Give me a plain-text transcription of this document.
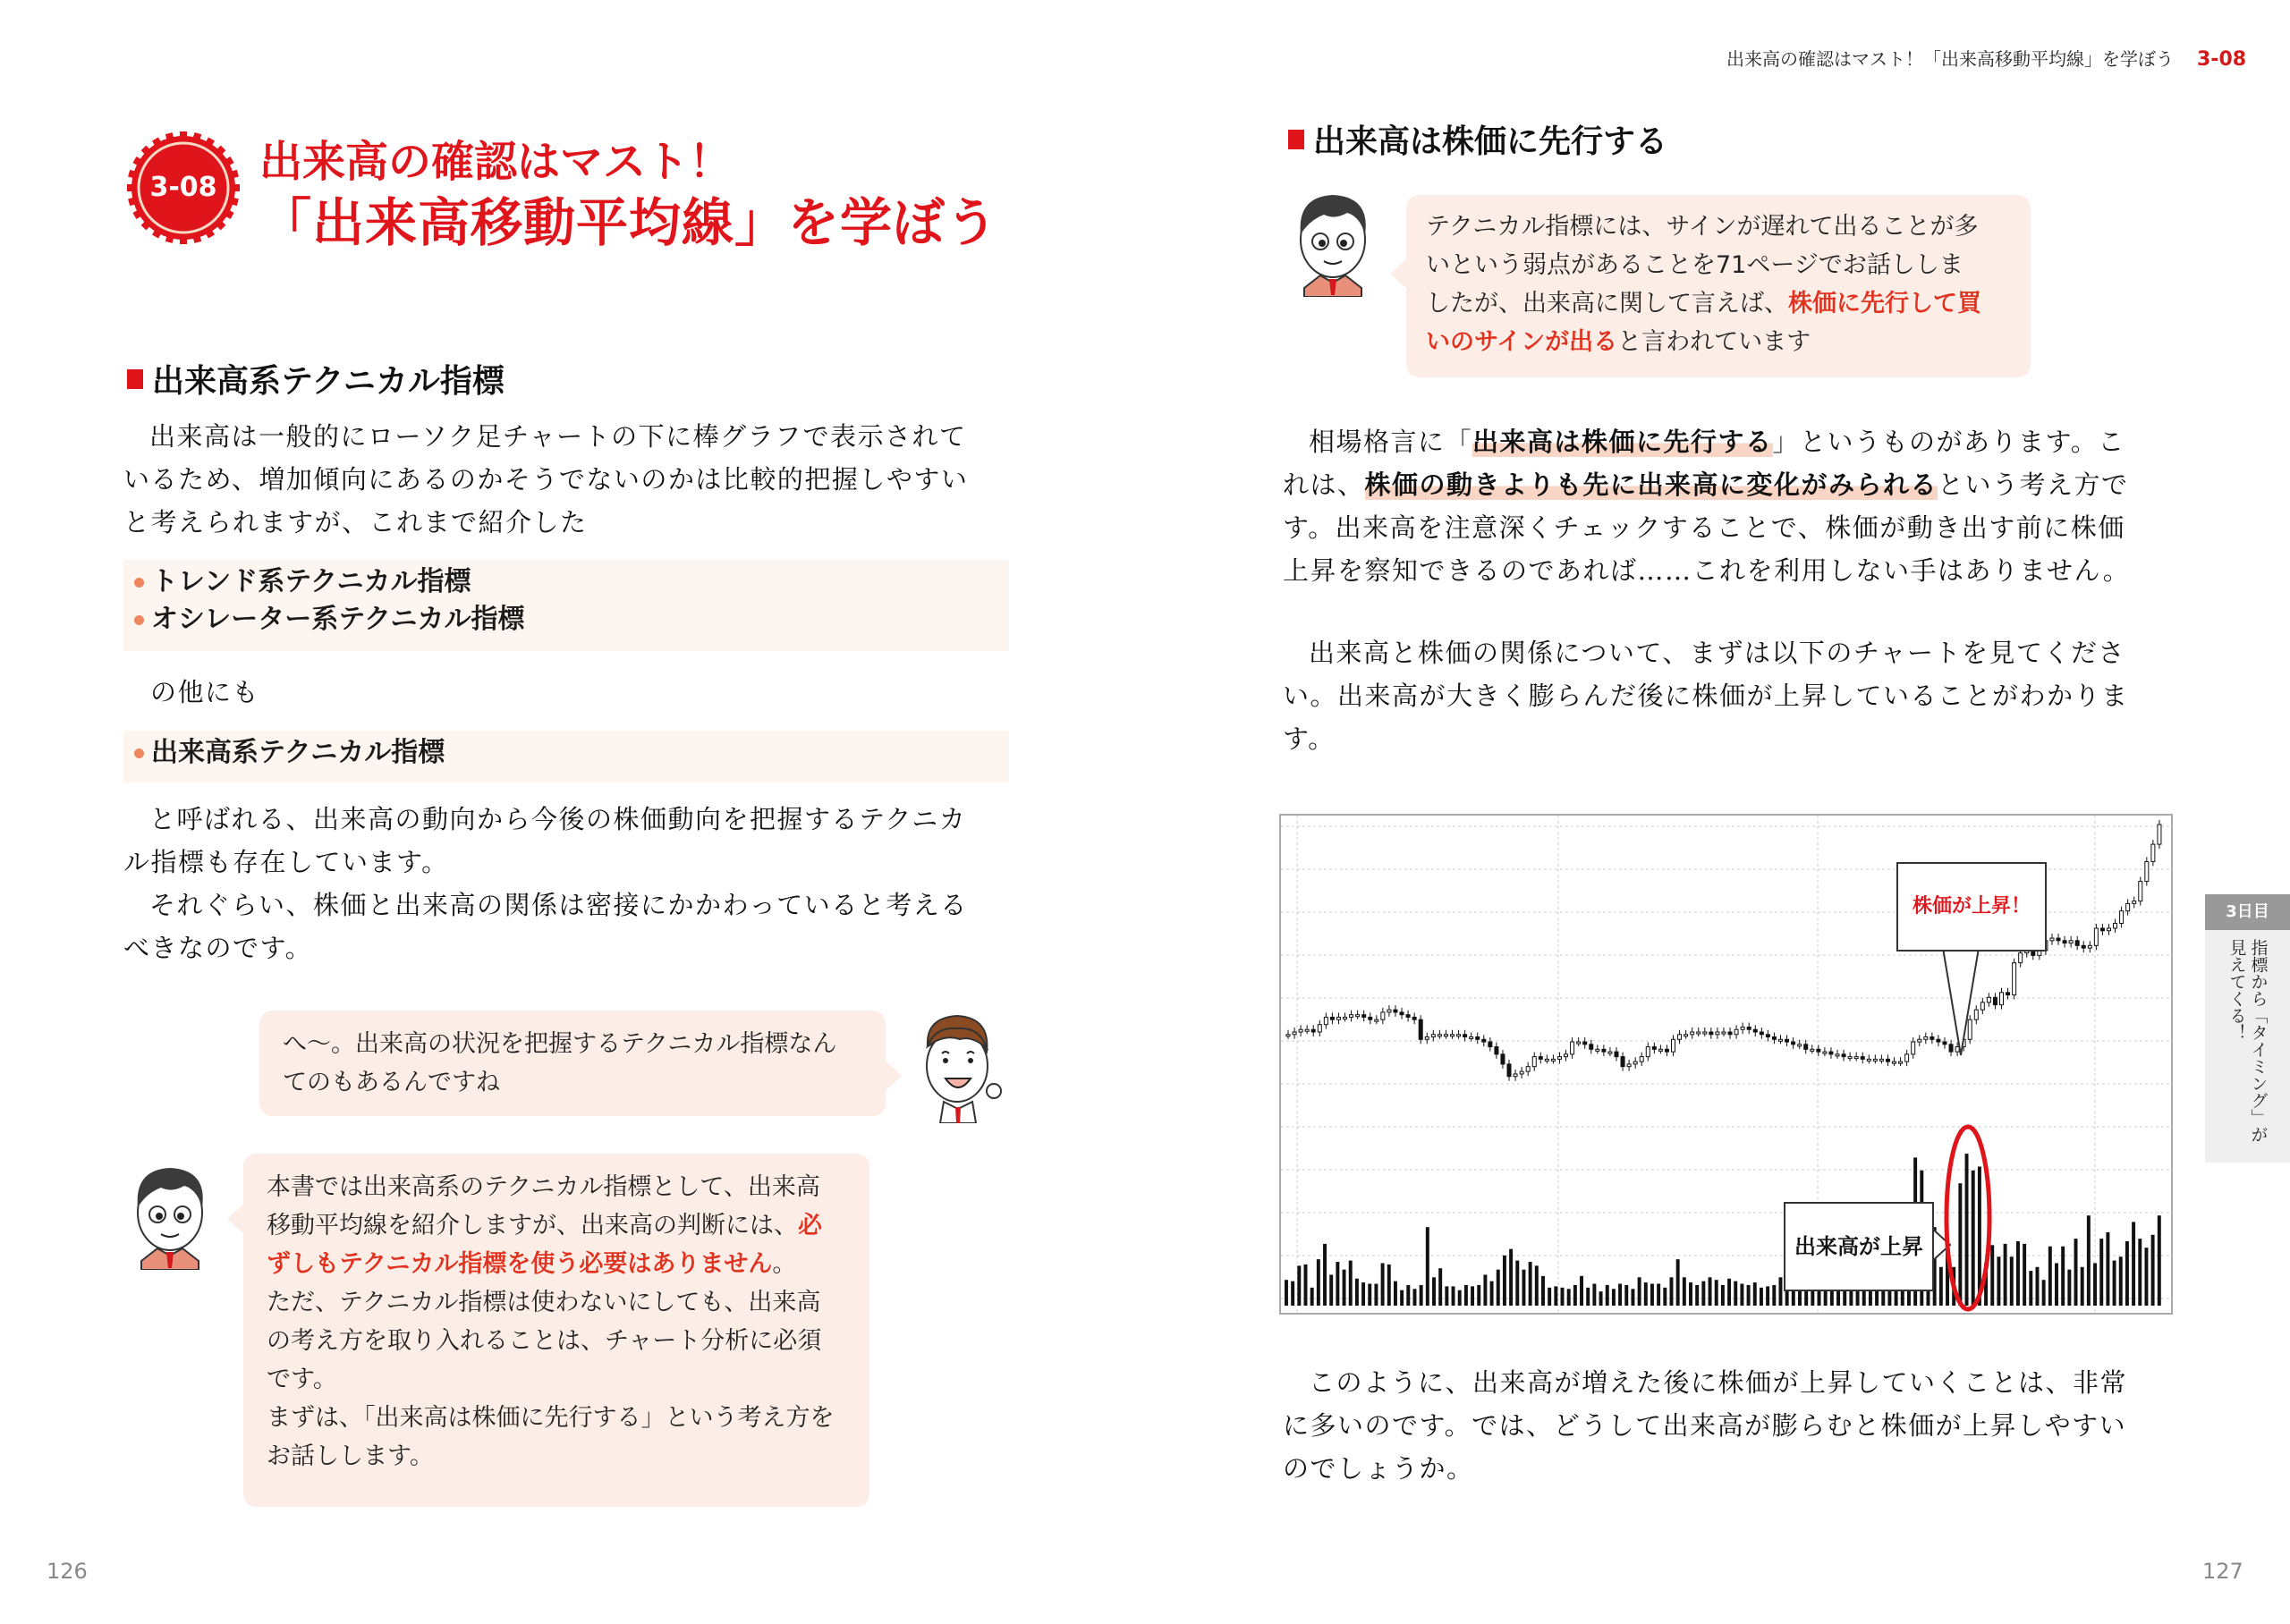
出来高の確認はマスト！「出来高移動平均線」を学ぼう 3-08
3-08
出来高の確認はマスト！
「出来高移動平均線」を学ぼう
出来高系テクニカル指標
出来高は一般的にローソク足チャートの下に棒グラフで表示されて
いるため、増加傾向にあるのかそうでないのかは比較的把握しやすい
と考えられますが、これまで紹介した
トレンド系テクニカル指標
オシレーター系テクニカル指標
の他にも
出来高系テクニカル指標
と呼ばれる、出来高の動向から今後の株価動向を把握するテクニカ
ル指標も存在しています。
それぐらい、株価と出来高の関係は密接にかかわっていると考える
べきなのです。
へ～。出来高の状況を把握するテクニカル指標なん
てのもあるんですね
本書では出来高系のテクニカル指標として、出来高
移動平均線を紹介しますが、出来高の判断には、必
ずしもテクニカル指標を使う必要はありません。
ただ、テクニカル指標は使わないにしても、出来高
の考え方を取り入れることは、チャート分析に必須
です。
まずは、「出来高は株価に先行する」という考え方を
お話しします。
126
出来高は株価に先行する
テクニカル指標には、サインが遅れて出ることが多
いという弱点があることを71ページでお話ししま
したが、出来高に関して言えば、株価に先行して買
いのサインが出ると言われています
相場格言に「出来高は株価に先行する」というものがあります。こ
れは、株価の動きよりも先に出来高に変化がみられるという考え方で
す。出来高を注意深くチェックすることで、株価が動き出す前に株価
上昇を察知できるのであれば……これを利用しない手はありません。
出来高と株価の関係について、まずは以下のチャートを見てくださ
い。出来高が大きく膨らんだ後に株価が上昇していることがわかりま
す。
株価が上昇！
出来高が上昇
このように、出来高が増えた後に株価が上昇していくことは、非常
に多いのです。では、どうして出来高が膨らむと株価が上昇しやすい
のでしょうか。
3日目
指標から「タイミング」が見えてくる！
127
